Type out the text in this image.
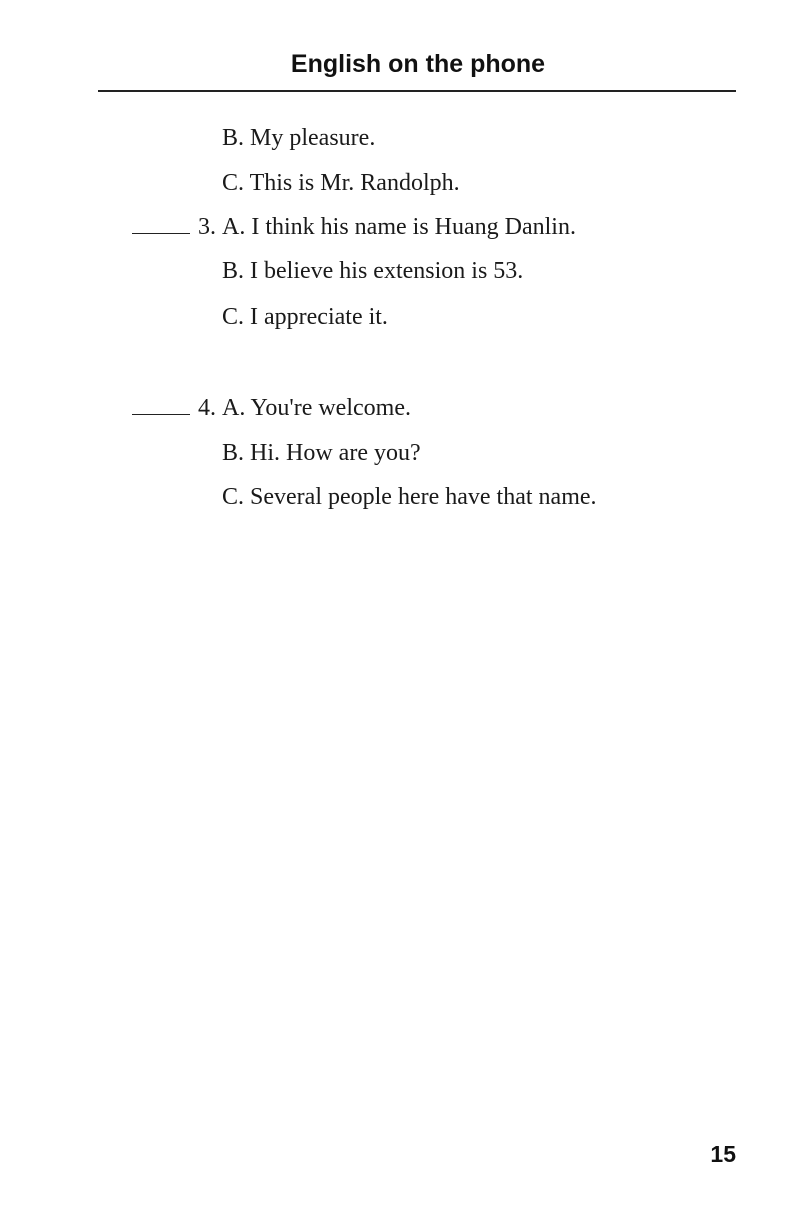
English on the phone
B. My pleasure.
C. This is Mr. Randolph.
3. A. I think his name is Huang Danlin.
B. I believe his extension is 53.
C. I appreciate it.
4. A. You're welcome.
B. Hi. How are you?
C. Several people here have that name.
15
